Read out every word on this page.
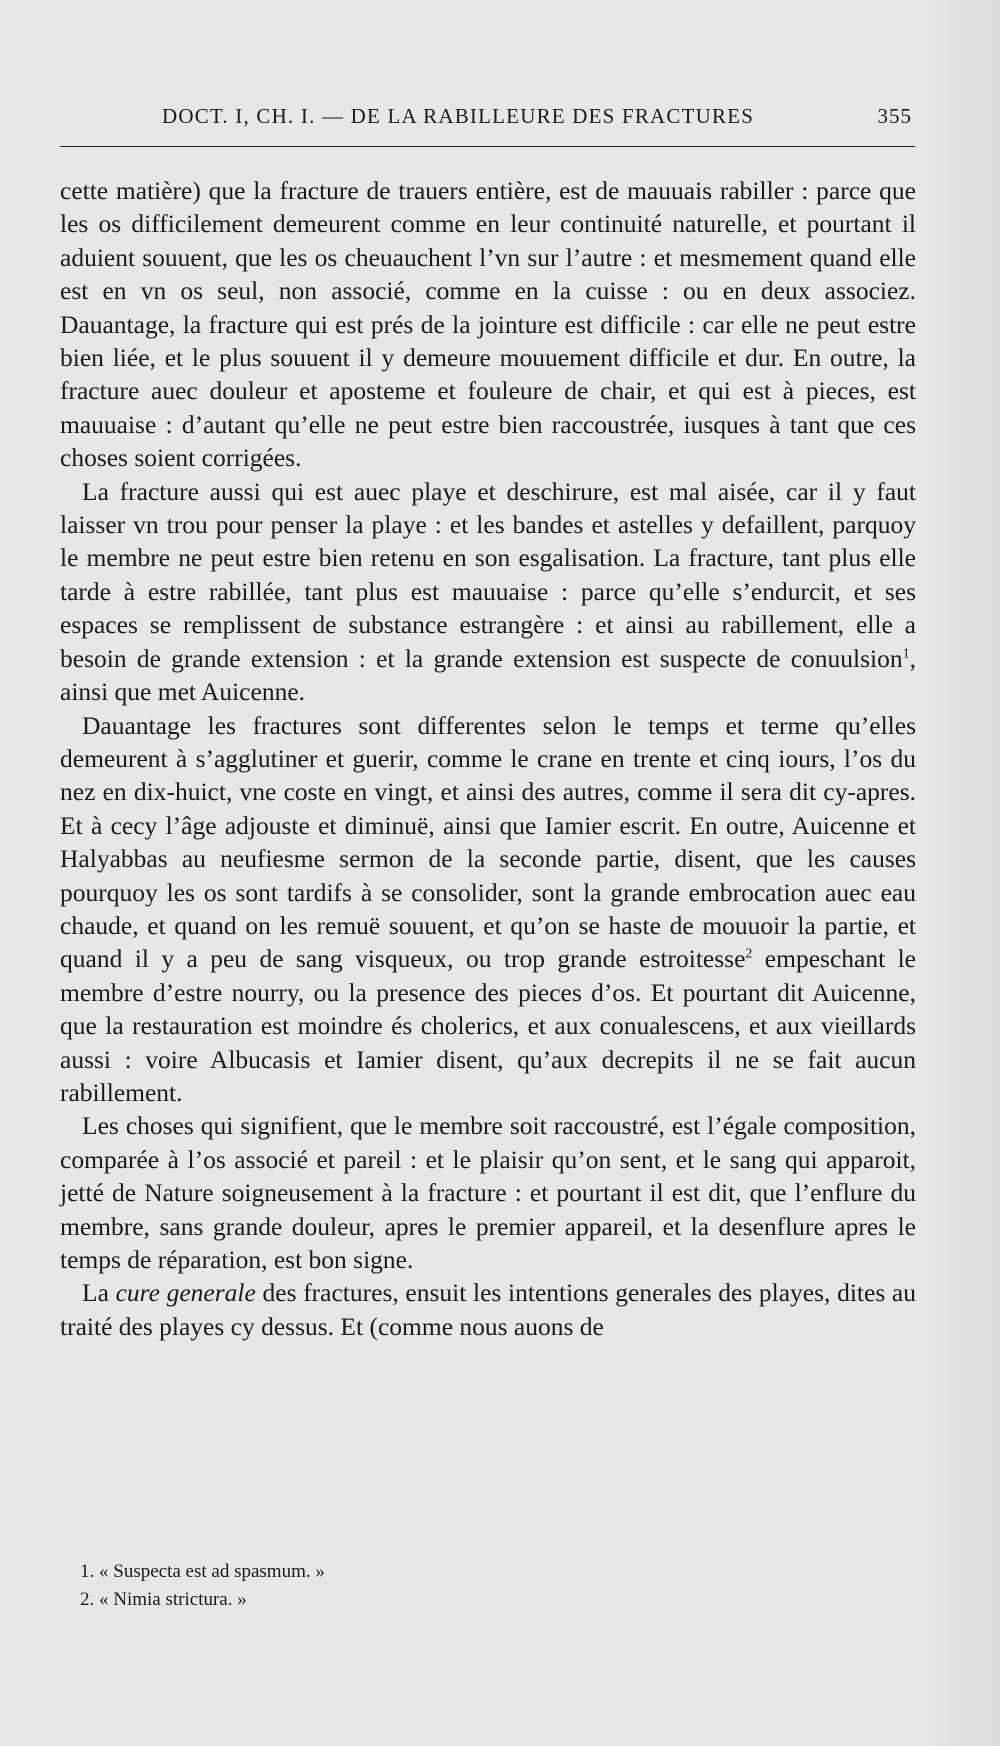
DOCT. I, CH. I. — DE LA RABILLEURE DES FRACTURES	355

cette matière) que la fracture de trauers entière, est de mauuais rabiller : parce que les os difficilement demeurent comme en leur continuité naturelle, et pourtant il aduient souuent, que les os cheuauchent l’vn sur l’autre : et mesmement quand elle est en vn os seul, non associé, comme en la cuisse : ou en deux associez. Dauantage, la fracture qui est prés de la jointure est difficile : car elle ne peut estre bien liée, et le plus souuent il y demeure mouuement difficile et dur. En outre, la fracture auec douleur et aposteme et fouleure de chair, et qui est à pieces, est mauuaise : d’autant qu’elle ne peut estre bien raccoustrée, iusques à tant que ces choses soient corrigées.

La fracture aussi qui est auec playe et deschirure, est mal aisée, car il y faut laisser vn trou pour penser la playe : et les bandes et astelles y defaillent, parquoy le membre ne peut estre bien retenu en son esgalisation. La fracture, tant plus elle tarde à estre rabillée, tant plus est mauuaise : parce qu’elle s’endurcit, et ses espaces se remplissent de substance estrangère : et ainsi au rabillement, elle a besoin de grande extension : et la grande extension est suspecte de conuulsion$^1$, ainsi que met Auicenne.

Dauantage les fractures sont differentes selon le temps et terme qu’elles demeurent à s’agglutiner et guerir, comme le crane en trente et cinq iours, l’os du nez en dix-huict, vne coste en vingt, et ainsi des autres, comme il sera dit cy-apres. Et à cecy l’âge adjouste et diminuë, ainsi que Iamier escrit. En outre, Auicenne et Halyabbas au neufiesme sermon de la seconde partie, disent, que les causes pourquoy les os sont tardifs à se consolider, sont la grande embrocation auec eau chaude, et quand on les remuë souuent, et qu’on se haste de mouuoir la partie, et quand il y a peu de sang visqueux, ou trop grande estroitesse$^2$ empeschant le membre d’estre nourry, ou la presence des pieces d’os. Et pourtant dit Auicenne, que la restauration est moindre és cholerics, et aux conualescens, et aux vieillards aussi : voire Albucasis et Iamier disent, qu’aux decrepits il ne se fait aucun rabillement.

Les choses qui signifient, que le membre soit raccoustré, est l’égale composition, comparée à l’os associé et pareil : et le plaisir qu’on sent, et le sang qui apparoit, jetté de Nature soigneusement à la fracture : et pourtant il est dit, que l’enflure du membre, sans grande douleur, apres le premier appareil, et la desenflure apres le temps de réparation, est bon signe.

La cure generale des fractures, ensuit les intentions generales des playes, dites au traité des playes cy dessus. Et (comme nous auons de

1. « Suspecta est ad spasmum. »
2. « Nimia strictura. »
